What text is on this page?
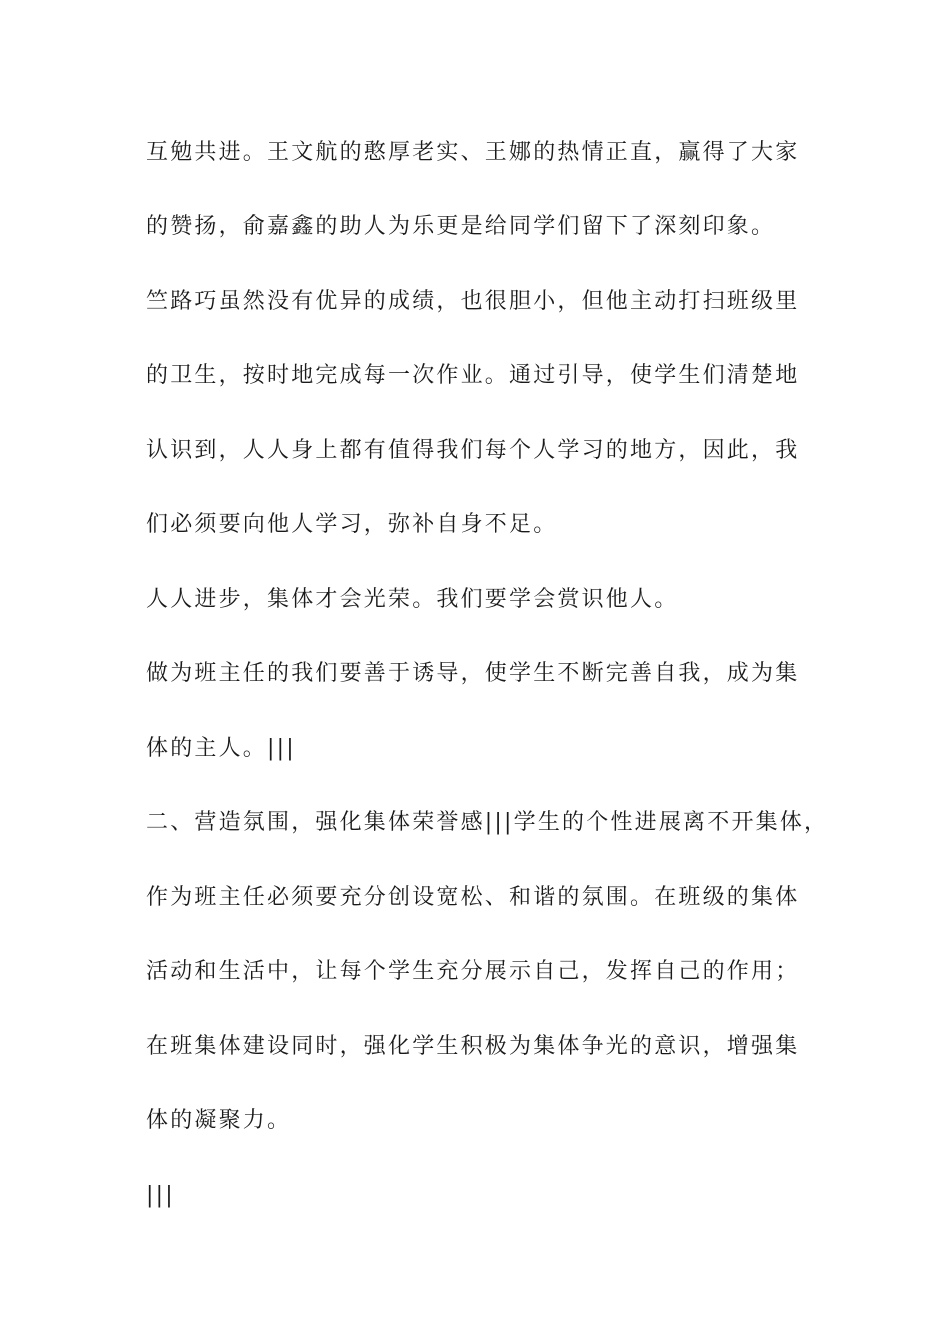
互勉共进。王文航的憨厚老实、王娜的热情正直，赢得了大家
的赞扬，俞嘉鑫的助人为乐更是给同学们留下了深刻印象。
竺路巧虽然没有优异的成绩，也很胆小，但他主动打扫班级里
的卫生，按时地完成每一次作业。通过引导，使学生们清楚地
认识到，人人身上都有值得我们每个人学习的地方，因此，我
们必须要向他人学习，弥补自身不足。
人人进步，集体才会光荣。我们要学会赏识他人。
做为班主任的我们要善于诱导，使学生不断完善自我，成为集
体的主人。|||
二、营造氛围，强化集体荣誉感|||学生的个性进展离不开集体，
作为班主任必须要充分创设宽松、和谐的氛围。在班级的集体
活动和生活中，让每个学生充分展示自己，发挥自己的作用；
在班集体建设同时，强化学生积极为集体争光的意识，增强集
体的凝聚力。
|||
